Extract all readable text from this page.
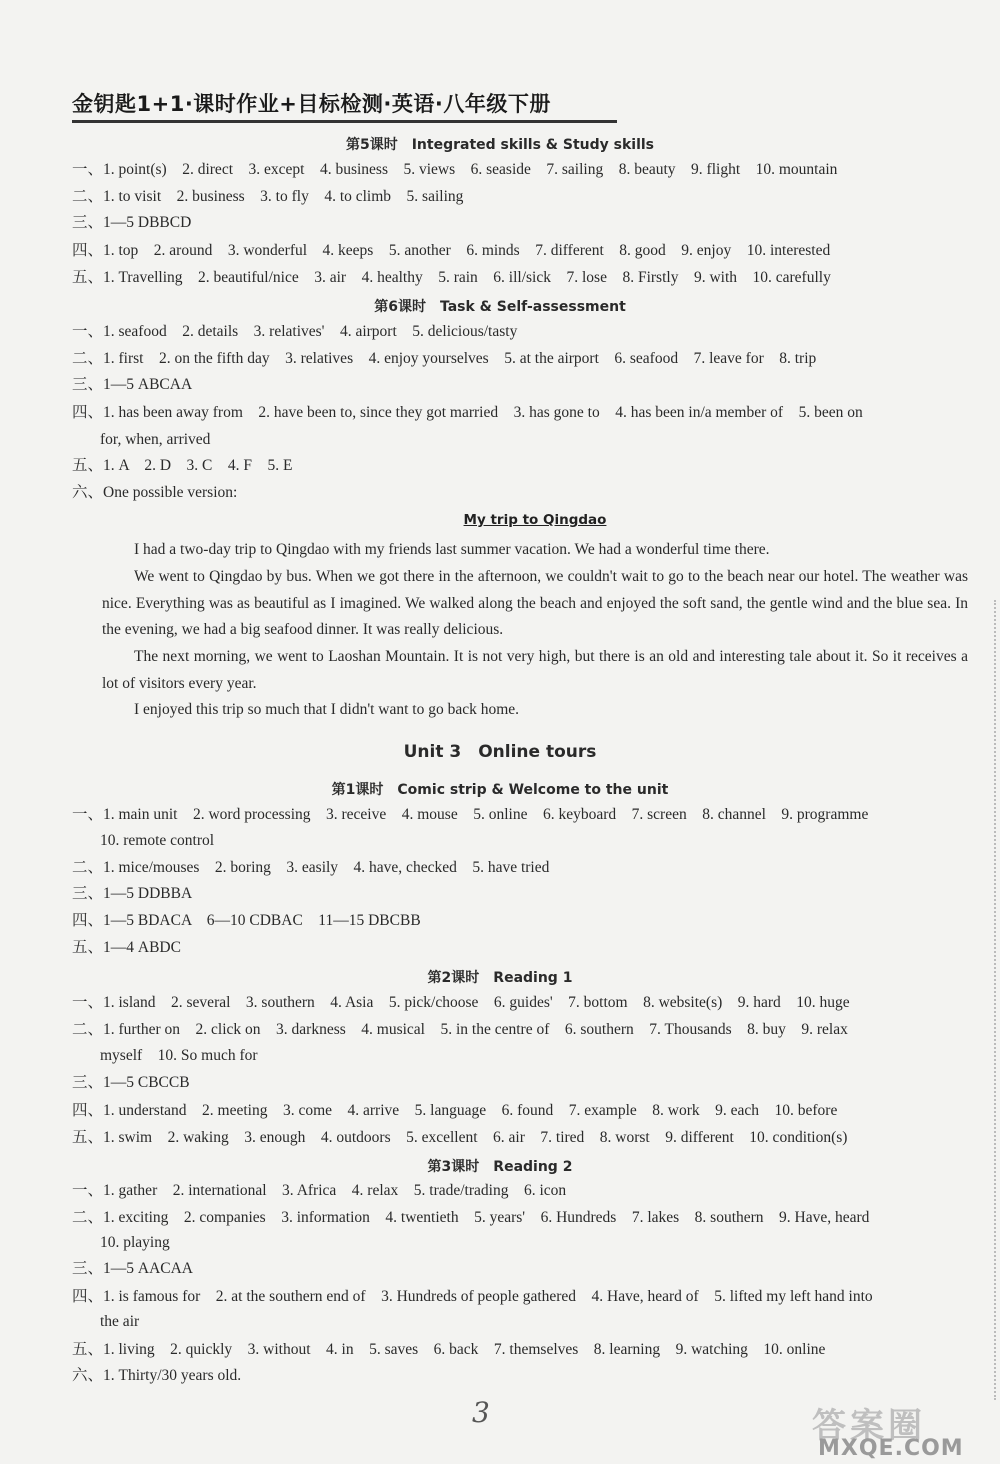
金钥匙1+1·课时作业+目标检测·英语·八年级下册
第5课时　Integrated skills & Study skills
一、1. point(s)　2. direct　3. except　4. business　5. views　6. seaside　7. sailing　8. beauty　9. flight　10. mountain
二、1. to visit　2. business　3. to fly　4. to climb　5. sailing
三、1—5 DBBCD
四、1. top　2. around　3. wonderful　4. keeps　5. another　6. minds　7. different　8. good　9. enjoy　10. interested
五、1. Travelling　2. beautiful/nice　3. air　4. healthy　5. rain　6. ill/sick　7. lose　8. Firstly　9. with　10. carefully
第6课时　Task & Self-assessment
一、1. seafood　2. details　3. relatives'　4. airport　5. delicious/tasty
二、1. first　2. on the fifth day　3. relatives　4. enjoy yourselves　5. at the airport　6. seafood　7. leave for　8. trip
三、1—5 ABCAA
四、1. has been away from　2. have been to, since they got married　3. has gone to　4. has been in/a member of　5. been on
for, when, arrived
五、1. A　2. D　3. C　4. F　5. E
六、One possible version:
My trip to Qingdao
I had a two-day trip to Qingdao with my friends last summer vacation. We had a wonderful time there.
We went to Qingdao by bus. When we got there in the afternoon, we couldn't wait to go to the beach near our hotel. The weather was nice. Everything was as beautiful as I imagined. We walked along the beach and enjoyed the soft sand, the gentle wind and the blue sea. In the evening, we had a big seafood dinner. It was really delicious.
The next morning, we went to Laoshan Mountain. It is not very high, but there is an old and interesting tale about it. So it receives a lot of visitors every year.
I enjoyed this trip so much that I didn't want to go back home.
Unit 3　Online tours
第1课时　Comic strip & Welcome to the unit
一、1. main unit　2. word processing　3. receive　4. mouse　5. online　6. keyboard　7. screen　8. channel　9. programme
10. remote control
二、1. mice/mouses　2. boring　3. easily　4. have, checked　5. have tried
三、1—5 DDBBA
四、1—5 BDACA　6—10 CDBAC　11—15 DBCBB
五、1—4 ABDC
第2课时　Reading 1
一、1. island　2. several　3. southern　4. Asia　5. pick/choose　6. guides'　7. bottom　8. website(s)　9. hard　10. huge
二、1. further on　2. click on　3. darkness　4. musical　5. in the centre of　6. southern　7. Thousands　8. buy　9. relax
myself　10. So much for
三、1—5 CBCCB
四、1. understand　2. meeting　3. come　4. arrive　5. language　6. found　7. example　8. work　9. each　10. before
五、1. swim　2. waking　3. enough　4. outdoors　5. excellent　6. air　7. tired　8. worst　9. different　10. condition(s)
第3课时　Reading 2
一、1. gather　2. international　3. Africa　4. relax　5. trade/trading　6. icon
二、1. exciting　2. companies　3. information　4. twentieth　5. years'　6. Hundreds　7. lakes　8. southern　9. Have, heard
10. playing
三、1—5 AACAA
四、1. is famous for　2. at the southern end of　3. Hundreds of people gathered　4. Have, heard of　5. lifted my left hand into
the air
五、1. living　2. quickly　3. without　4. in　5. saves　6. back　7. themselves　8. learning　9. watching　10. online
六、1. Thirty/30 years old.
3	答案圈
MXQE.COM
